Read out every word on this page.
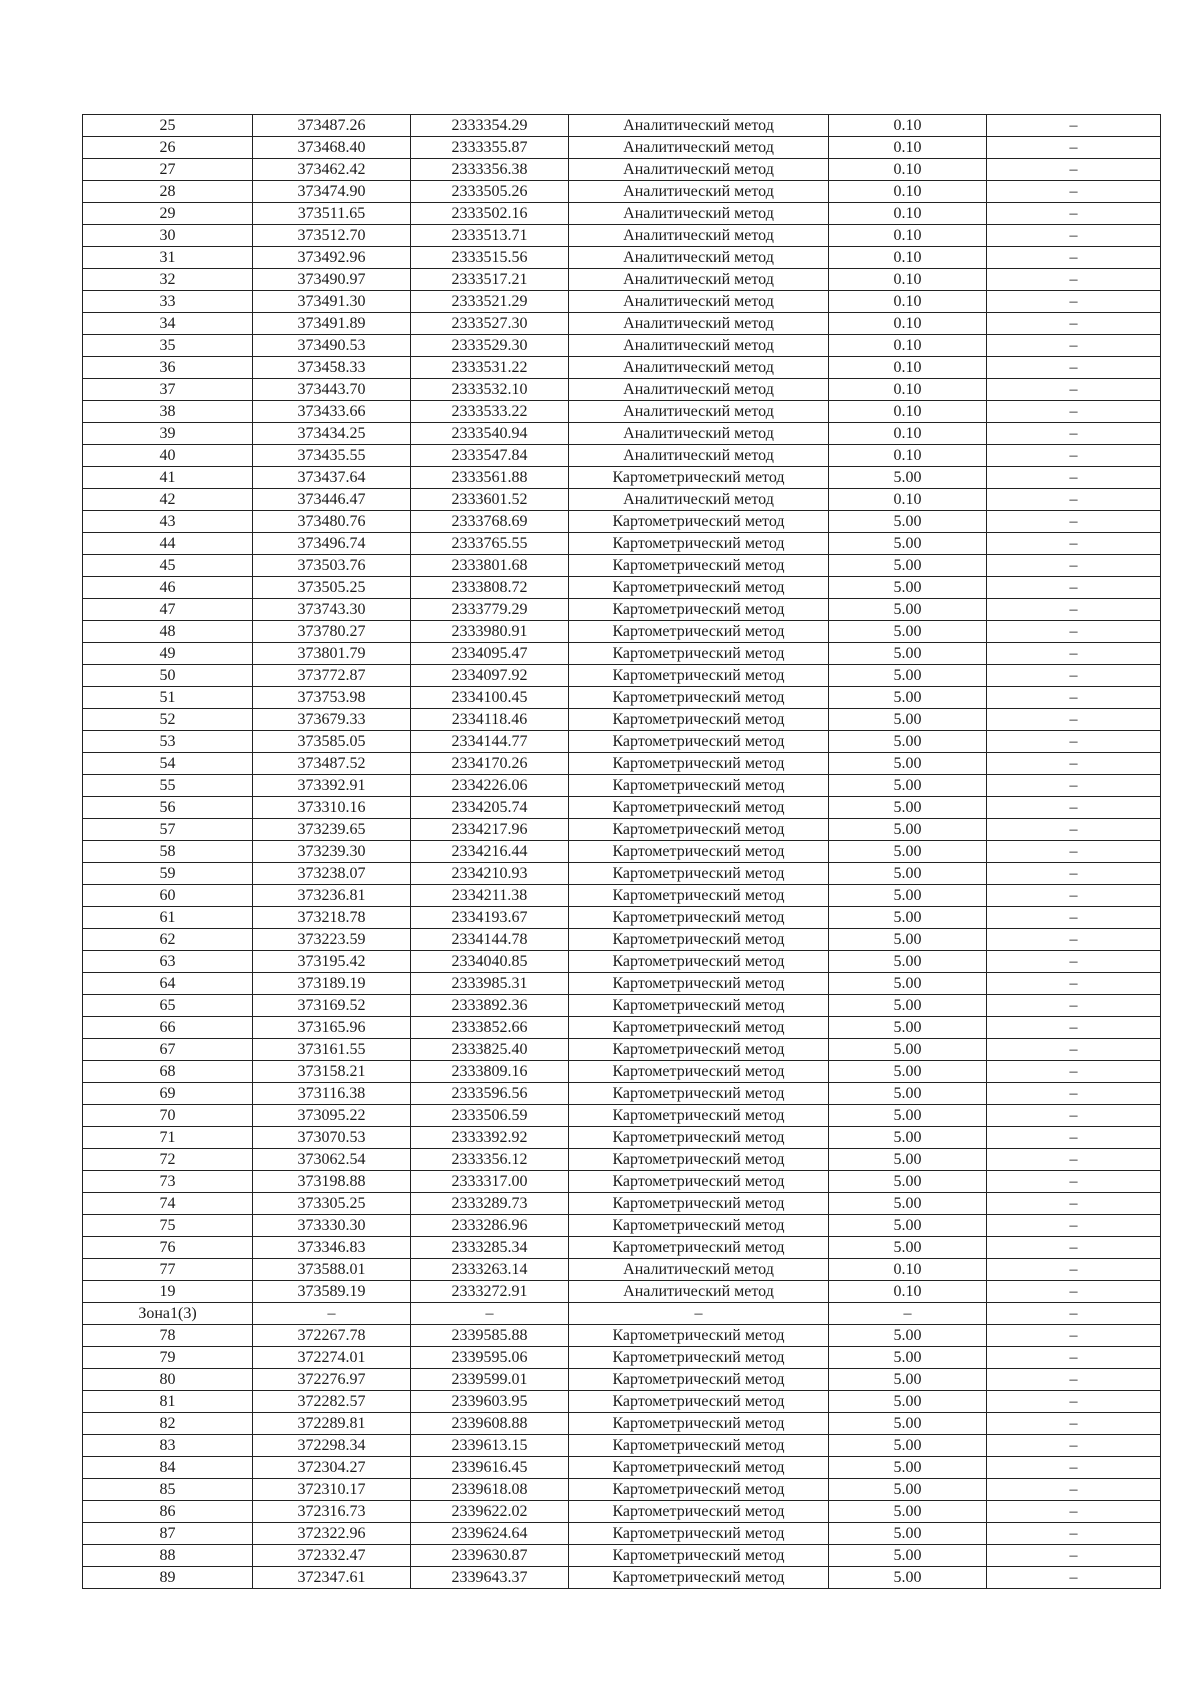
25	373487.26	2333354.29	Аналитический метод	0.10	–
26	373468.40	2333355.87	Аналитический метод	0.10	–
27	373462.42	2333356.38	Аналитический метод	0.10	–
28	373474.90	2333505.26	Аналитический метод	0.10	–
29	373511.65	2333502.16	Аналитический метод	0.10	–
30	373512.70	2333513.71	Аналитический метод	0.10	–
31	373492.96	2333515.56	Аналитический метод	0.10	–
32	373490.97	2333517.21	Аналитический метод	0.10	–
33	373491.30	2333521.29	Аналитический метод	0.10	–
34	373491.89	2333527.30	Аналитический метод	0.10	–
35	373490.53	2333529.30	Аналитический метод	0.10	–
36	373458.33	2333531.22	Аналитический метод	0.10	–
37	373443.70	2333532.10	Аналитический метод	0.10	–
38	373433.66	2333533.22	Аналитический метод	0.10	–
39	373434.25	2333540.94	Аналитический метод	0.10	–
40	373435.55	2333547.84	Аналитический метод	0.10	–
41	373437.64	2333561.88	Картометрический метод	5.00	–
42	373446.47	2333601.52	Аналитический метод	0.10	–
43	373480.76	2333768.69	Картометрический метод	5.00	–
44	373496.74	2333765.55	Картометрический метод	5.00	–
45	373503.76	2333801.68	Картометрический метод	5.00	–
46	373505.25	2333808.72	Картометрический метод	5.00	–
47	373743.30	2333779.29	Картометрический метод	5.00	–
48	373780.27	2333980.91	Картометрический метод	5.00	–
49	373801.79	2334095.47	Картометрический метод	5.00	–
50	373772.87	2334097.92	Картометрический метод	5.00	–
51	373753.98	2334100.45	Картометрический метод	5.00	–
52	373679.33	2334118.46	Картометрический метод	5.00	–
53	373585.05	2334144.77	Картометрический метод	5.00	–
54	373487.52	2334170.26	Картометрический метод	5.00	–
55	373392.91	2334226.06	Картометрический метод	5.00	–
56	373310.16	2334205.74	Картометрический метод	5.00	–
57	373239.65	2334217.96	Картометрический метод	5.00	–
58	373239.30	2334216.44	Картометрический метод	5.00	–
59	373238.07	2334210.93	Картометрический метод	5.00	–
60	373236.81	2334211.38	Картометрический метод	5.00	–
61	373218.78	2334193.67	Картометрический метод	5.00	–
62	373223.59	2334144.78	Картометрический метод	5.00	–
63	373195.42	2334040.85	Картометрический метод	5.00	–
64	373189.19	2333985.31	Картометрический метод	5.00	–
65	373169.52	2333892.36	Картометрический метод	5.00	–
66	373165.96	2333852.66	Картометрический метод	5.00	–
67	373161.55	2333825.40	Картометрический метод	5.00	–
68	373158.21	2333809.16	Картометрический метод	5.00	–
69	373116.38	2333596.56	Картометрический метод	5.00	–
70	373095.22	2333506.59	Картометрический метод	5.00	–
71	373070.53	2333392.92	Картометрический метод	5.00	–
72	373062.54	2333356.12	Картометрический метод	5.00	–
73	373198.88	2333317.00	Картометрический метод	5.00	–
74	373305.25	2333289.73	Картометрический метод	5.00	–
75	373330.30	2333286.96	Картометрический метод	5.00	–
76	373346.83	2333285.34	Картометрический метод	5.00	–
77	373588.01	2333263.14	Аналитический метод	0.10	–
19	373589.19	2333272.91	Аналитический метод	0.10	–
Зона1(3)	–	–	–	–	–
78	372267.78	2339585.88	Картометрический метод	5.00	–
79	372274.01	2339595.06	Картометрический метод	5.00	–
80	372276.97	2339599.01	Картометрический метод	5.00	–
81	372282.57	2339603.95	Картометрический метод	5.00	–
82	372289.81	2339608.88	Картометрический метод	5.00	–
83	372298.34	2339613.15	Картометрический метод	5.00	–
84	372304.27	2339616.45	Картометрический метод	5.00	–
85	372310.17	2339618.08	Картометрический метод	5.00	–
86	372316.73	2339622.02	Картометрический метод	5.00	–
87	372322.96	2339624.64	Картометрический метод	5.00	–
88	372332.47	2339630.87	Картометрический метод	5.00	–
89	372347.61	2339643.37	Картометрический метод	5.00	–
